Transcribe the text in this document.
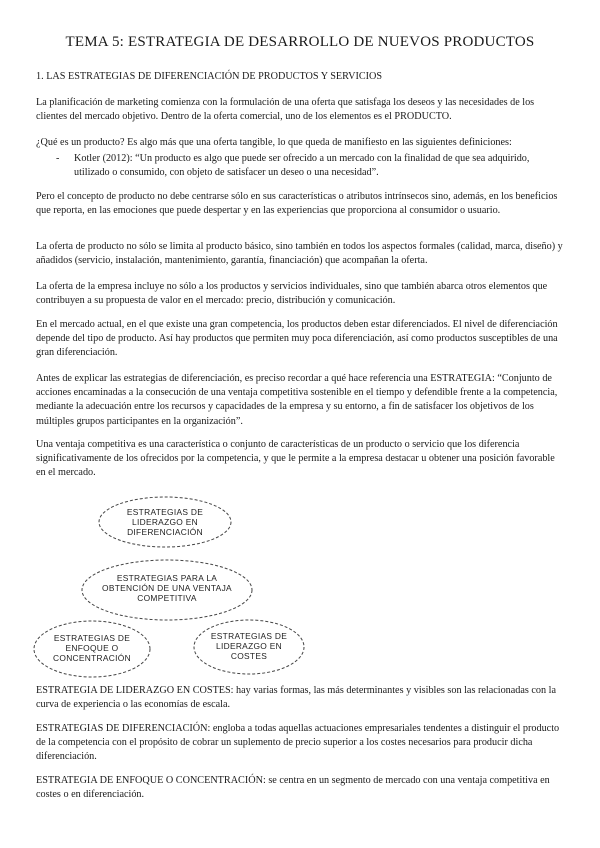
TEMA 5: ESTRATEGIA DE DESARROLLO DE NUEVOS PRODUCTOS

1. LAS ESTRATEGIAS DE DIFERENCIACIÓN DE PRODUCTOS Y SERVICIOS

La planificación de marketing comienza con la formulación de una oferta que satisfaga los deseos y las necesidades de los clientes del mercado objetivo. Dentro de la oferta comercial, uno de los elementos es el PRODUCTO.

¿Qué es un producto? Es algo más que una oferta tangible, lo que queda de manifiesto en las siguientes definiciones:

- Kotler (2012): “Un producto es algo que puede ser ofrecido a un mercado con la finalidad de que sea adquirido, utilizado o consumido, con objeto de satisfacer un deseo o una necesidad”.

Pero el concepto de producto no debe centrarse sólo en sus características o atributos intrínsecos sino, además, en los beneficios que reporta, en las emociones que puede despertar y en las experiencias que proporciona al consumidor o usuario.

La oferta de producto no sólo se limita al producto básico, sino también en todos los aspectos formales (calidad, marca, diseño) y añadidos (servicio, instalación, mantenimiento, garantía, financiación) que acompañan la oferta.

La oferta de la empresa incluye no sólo a los productos y servicios individuales, sino que también abarca otros elementos que contribuyen a su propuesta de valor en el mercado: precio, distribución y comunicación.

En el mercado actual, en el que existe una gran competencia, los productos deben estar diferenciados. El nivel de diferenciación depende del tipo de producto. Así hay productos que permiten muy poca diferenciación, así como productos susceptibles de una gran diferenciación.

Antes de explicar las estrategias de diferenciación, es preciso recordar a qué hace referencia una ESTRATEGIA: “Conjunto de acciones encaminadas a la consecución de una ventaja competitiva sostenible en el tiempo y defendible frente a la competencia, mediante la adecuación entre los recursos y capacidades de la empresa y su entorno, a fin de satisfacer los objetivos de los múltiples grupos participantes en la organización”.

Una ventaja competitiva es una característica o conjunto de características de un producto o servicio que los diferencia significativamente de los ofrecidos por la competencia, y que le permite a la empresa destacar u obtener una posición favorable en el mercado.

ESTRATEGIAS DE
LIDERAZGO EN
DIFERENCIACIÓN
ESTRATEGIAS PARA LA
OBTENCIÓN DE UNA VENTAJA
COMPETITIVA
ESTRATEGIAS DE
ENFOQUE O
CONCENTRACIÓN
ESTRATEGIAS DE
LIDERAZGO EN
COSTES

ESTRATEGIA DE LIDERAZGO EN COSTES: hay varias formas, las más determinantes y visibles son las relacionadas con la curva de experiencia o las economías de escala.

ESTRATEGIAS DE DIFERENCIACIÓN: engloba a todas aquellas actuaciones empresariales tendentes a distinguir el producto de la competencia con el propósito de cobrar un suplemento de precio superior a los costes necesarios para producir dicha diferenciación.

ESTRATEGIA DE ENFOQUE O CONCENTRACIÓN: se centra en un segmento de mercado con una ventaja competitiva en costes o en diferenciación.
